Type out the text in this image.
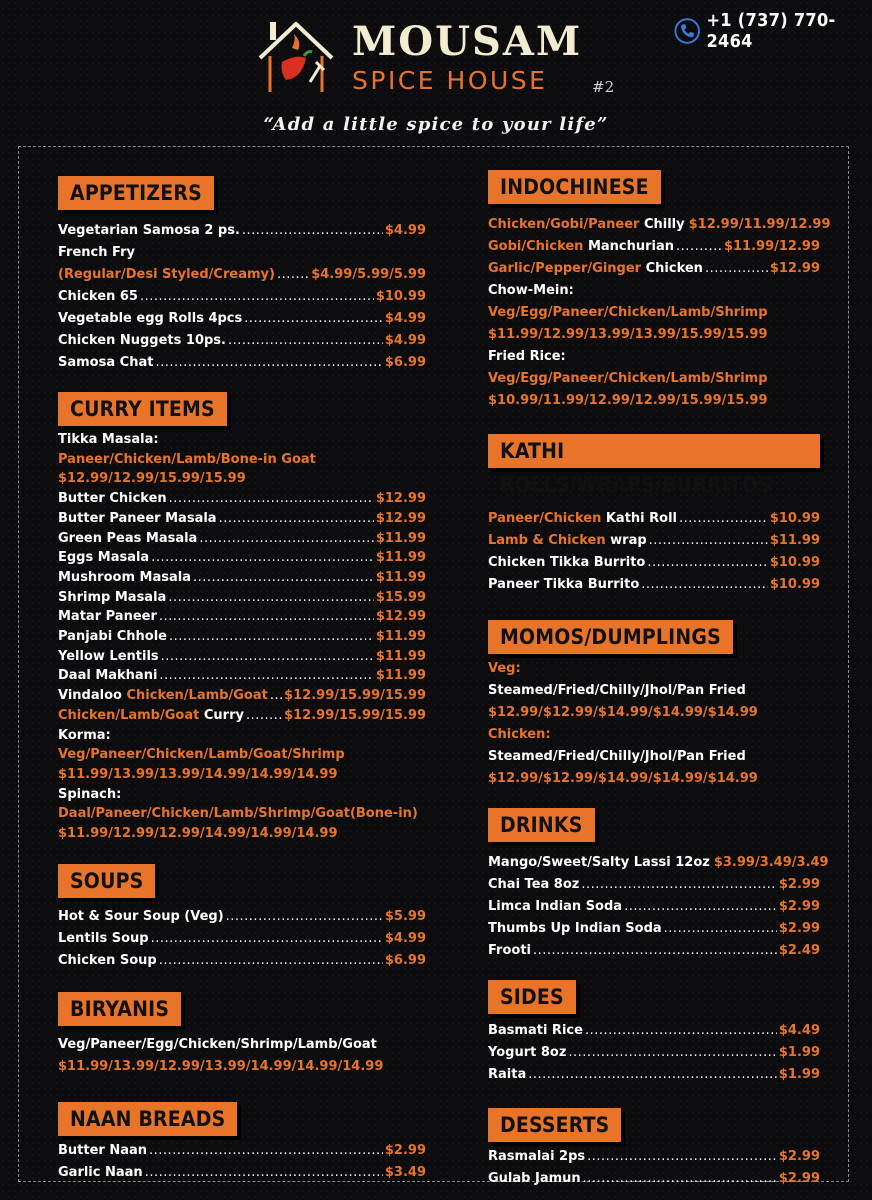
MOUSAM
SPICE HOUSE	#2
+1 (737) 770-2464
“Add a little spice to your life”
APPETIZERS
Vegetarian Samosa 2 ps. .....	$4.99
French Fry
(Regular/Desi Styled/Creamy) .....	$4.99/5.99/5.99
Chicken 65 .....	$10.99
Vegetable egg Rolls 4pcs .....	$4.99
Chicken Nuggets 10ps. .....	$4.99
Samosa Chat .....	$6.99
CURRY ITEMS
Tikka Masala:
Paneer/Chicken/Lamb/Bone-in Goat
$12.99/12.99/15.99/15.99
Butter Chicken .....	$12.99
Butter Paneer Masala .....	$12.99
Green Peas Masala .....	$11.99
Eggs Masala .....	$11.99
Mushroom Masala .....	$11.99
Shrimp Masala .....	$15.99
Matar Paneer .....	$12.99
Panjabi Chhole .....	$11.99
Yellow Lentils .....	$11.99
Daal Makhani .....	$11.99
Vindaloo Chicken/Lamb/Goat ..... $12.99/15.99/15.99
Chicken/Lamb/Goat Curry .....	$12.99/15.99/15.99
Korma:
Veg/Paneer/Chicken/Lamb/Goat/Shrimp
$11.99/13.99/13.99/14.99/14.99/14.99
Spinach:
Daal/Paneer/Chicken/Lamb/Shrimp/Goat(Bone-in)
$11.99/12.99/12.99/14.99/14.99/14.99
SOUPS
Hot & Sour Soup (Veg) .....	$5.99
Lentils Soup .....	$4.99
Chicken Soup .....	$6.99
BIRYANIS
Veg/Paneer/Egg/Chicken/Shrimp/Lamb/Goat
$11.99/13.99/12.99/13.99/14.99/14.99/14.99
NAAN BREADS
Butter Naan .....	$2.99
Garlic Naan .....	$3.49
INDOCHINESE
Chicken/Gobi/Paneer Chilly $12.99/11.99/12.99
Gobi/Chicken Manchurian .....	$11.99/12.99
Garlic/Pepper/Ginger Chicken .....	$12.99
Chow-Mein:
Veg/Egg/Paneer/Chicken/Lamb/Shrimp
$11.99/12.99/13.99/13.99/15.99/15.99
Fried Rice:
Veg/Egg/Paneer/Chicken/Lamb/Shrimp
$10.99/11.99/12.99/12.99/15.99/15.99
KATHI ROLLS/WRAPS/BURRITOS
Paneer/Chicken Kathi Roll .....	$10.99
Lamb & Chicken wrap .....	$11.99
Chicken Tikka Burrito .....	$10.99
Paneer Tikka Burrito .....	$10.99
MOMOS/DUMPLINGS
Veg:
Steamed/Fried/Chilly/Jhol/Pan Fried
$12.99/$12.99/$14.99/$14.99/$14.99
Chicken:
Steamed/Fried/Chilly/Jhol/Pan Fried
$12.99/$12.99/$14.99/$14.99/$14.99
DRINKS
Mango/Sweet/Salty Lassi 12oz $3.99/3.49/3.49
Chai Tea 8oz .....	$2.99
Limca Indian Soda .....	$2.99
Thumbs Up Indian Soda .....	$2.99
Frooti .....	$2.49
SIDES
Basmati Rice .....	$4.49
Yogurt 8oz .....	$1.99
Raita .....	$1.99
DESSERTS
Rasmalai 2ps .....	$2.99
Gulab Jamun .....	$2.99
